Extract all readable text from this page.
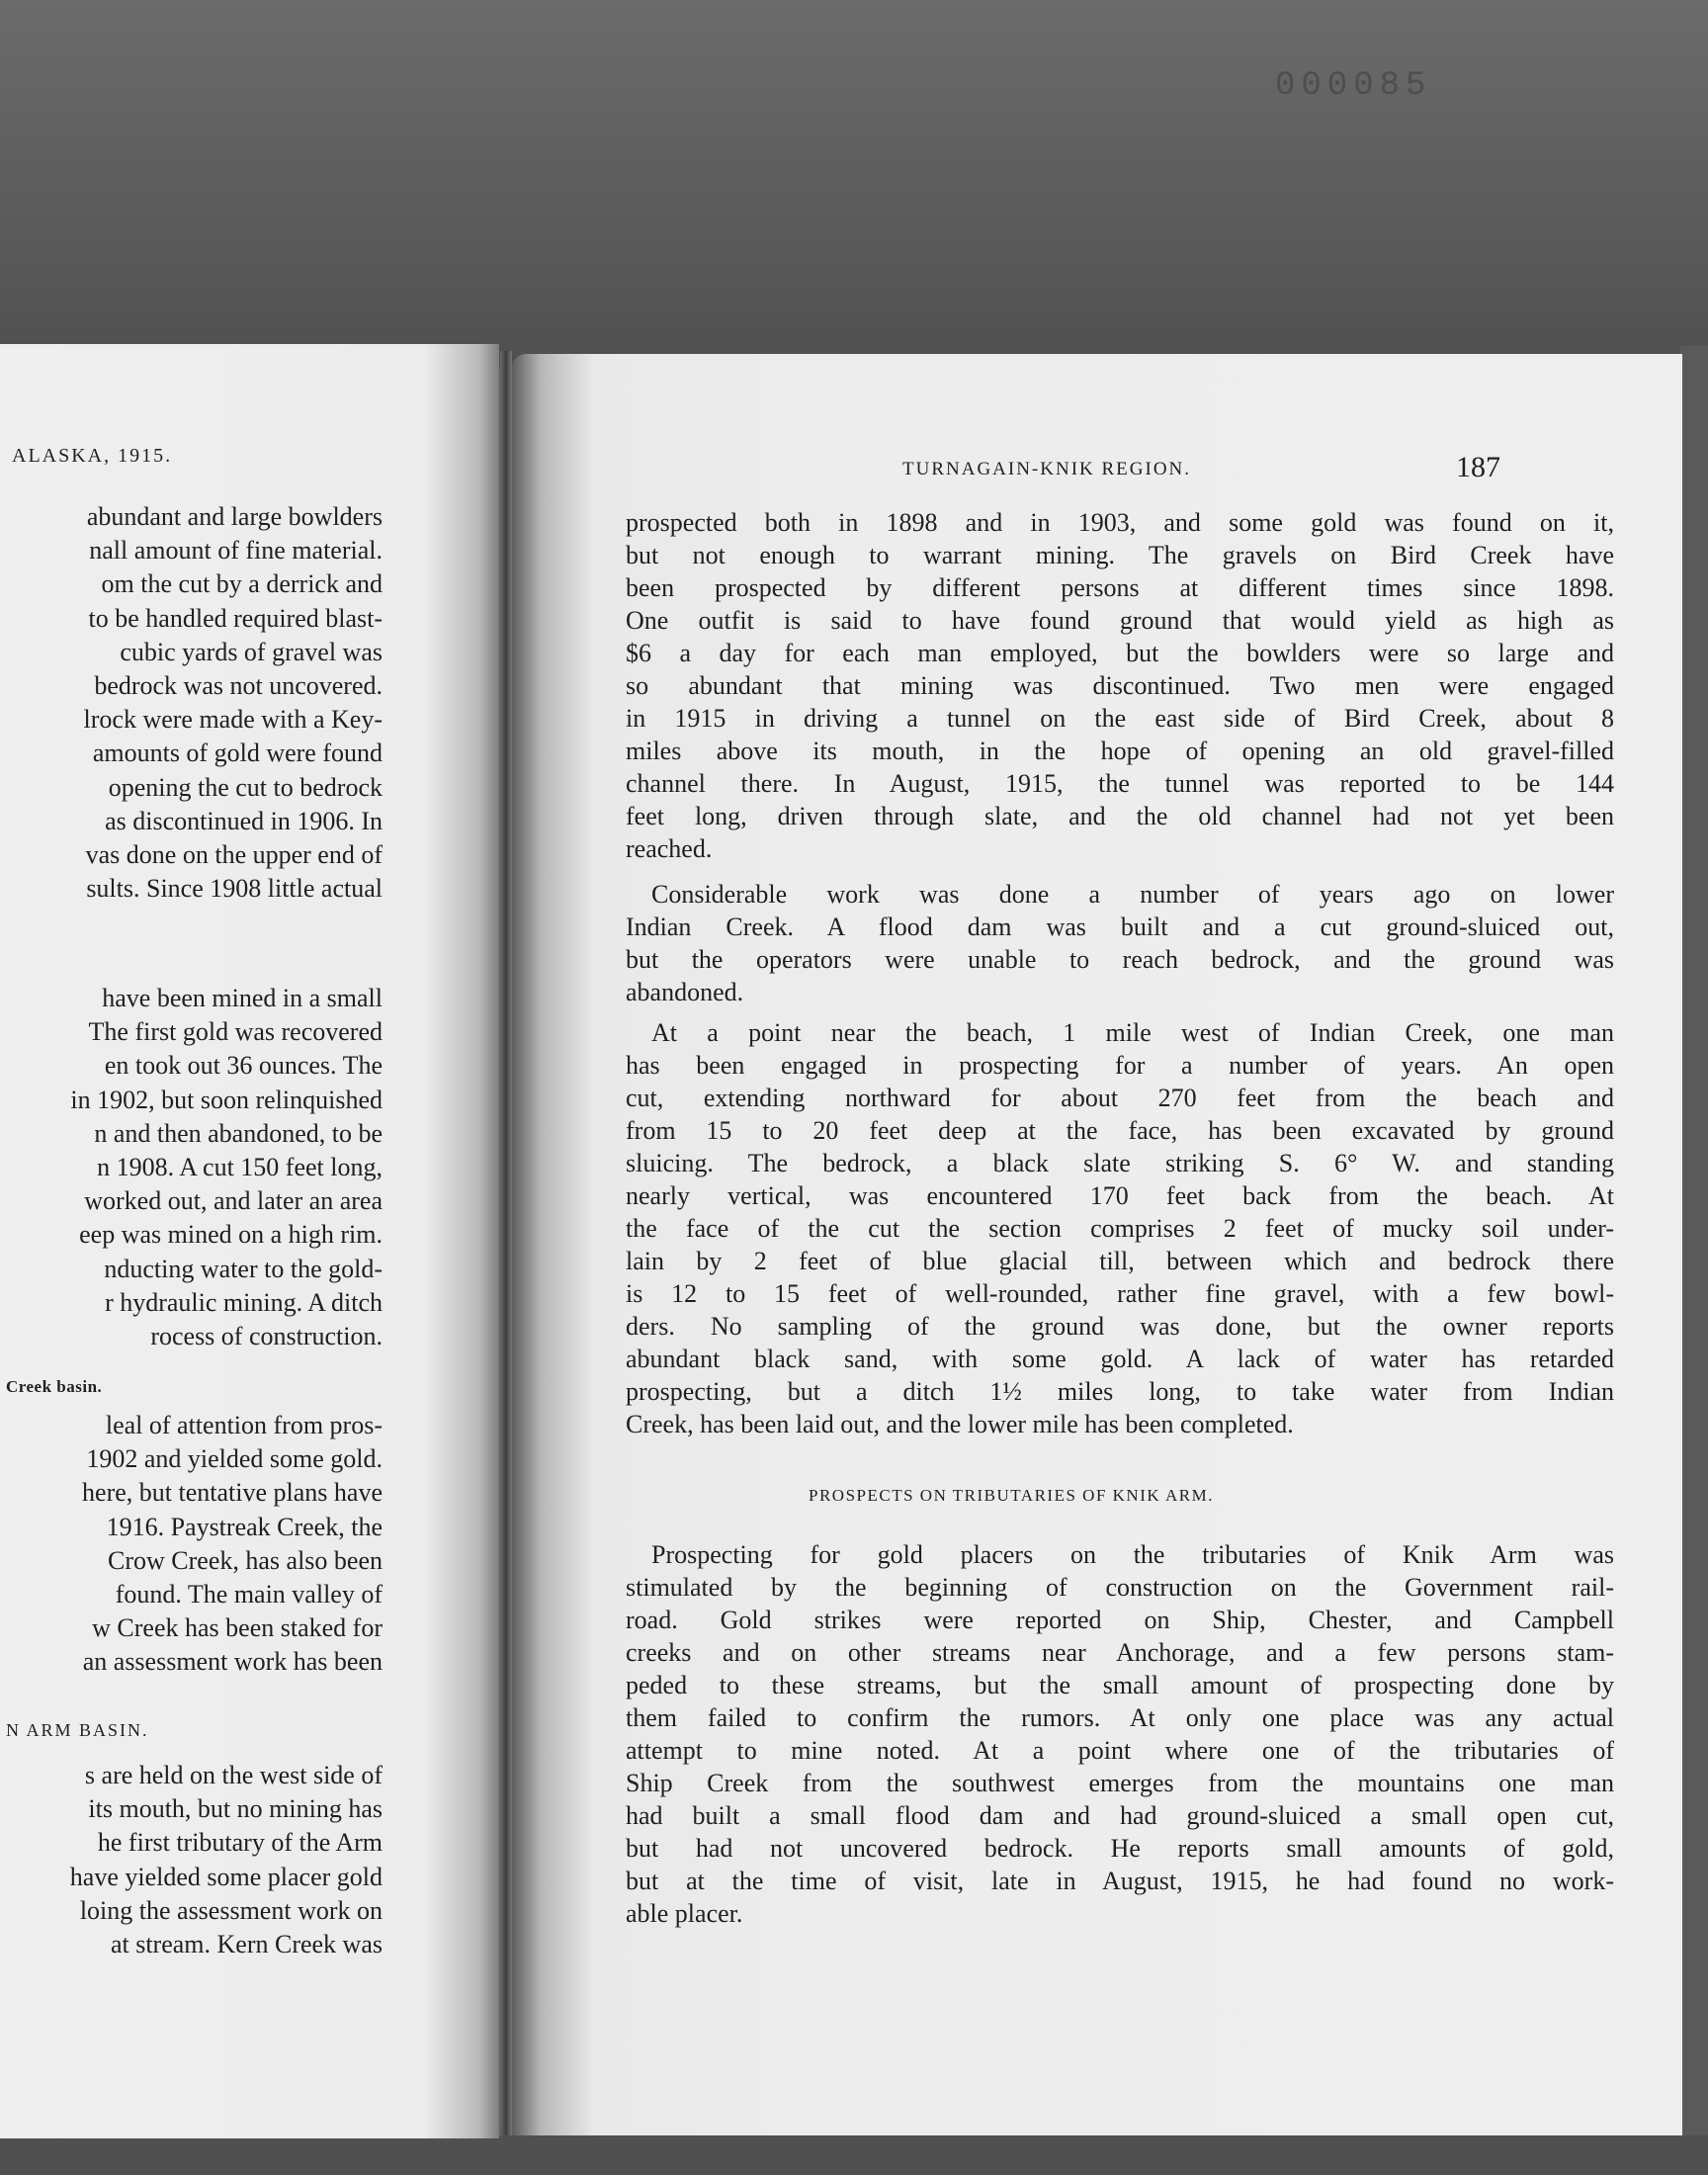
000085
ALASKA, 1915.
abundant and large bowlders
nall amount of fine material.
om the cut by a derrick and
to be handled required blast-
cubic yards of gravel was
bedrock was not uncovered.
lrock were made with a Key-
amounts of gold were found
opening the cut to bedrock
as discontinued in 1906. In
vas done on the upper end of
sults. Since 1908 little actual
have been mined in a small
The first gold was recovered
en took out 36 ounces. The
in 1902, but soon relinquished
n and then abandoned, to be
n 1908. A cut 150 feet long,
worked out, and later an area
eep was mined on a high rim.
nducting water to the gold-
r hydraulic mining. A ditch
rocess of construction.
Creek basin.
leal of attention from pros-
1902 and yielded some gold.
here, but tentative plans have
1916. Paystreak Creek, the
Crow Creek, has also been
found. The main valley of
w Creek has been staked for
an assessment work has been
N ARM BASIN.
s are held on the west side of
its mouth, but no mining has
he first tributary of the Arm
have yielded some placer gold
loing the assessment work on
at stream. Kern Creek was
TURNAGAIN-KNIK REGION.	187
prospected both in 1898 and in 1903, and some gold was found on it,
but not enough to warrant mining. The gravels on Bird Creek have
been prospected by different persons at different times since 1898.
One outfit is said to have found ground that would yield as high as
$6 a day for each man employed, but the bowlders were so large and
so abundant that mining was discontinued. Two men were engaged
in 1915 in driving a tunnel on the east side of Bird Creek, about 8
miles above its mouth, in the hope of opening an old gravel-filled
channel there. In August, 1915, the tunnel was reported to be 144
feet long, driven through slate, and the old channel had not yet been
reached.
Considerable work was done a number of years ago on lower
Indian Creek. A flood dam was built and a cut ground-sluiced out,
but the operators were unable to reach bedrock, and the ground was
abandoned.
At a point near the beach, 1 mile west of Indian Creek, one man
has been engaged in prospecting for a number of years. An open
cut, extending northward for about 270 feet from the beach and
from 15 to 20 feet deep at the face, has been excavated by ground
sluicing. The bedrock, a black slate striking S. 6° W. and standing
nearly vertical, was encountered 170 feet back from the beach. At
the face of the cut the section comprises 2 feet of mucky soil under-
lain by 2 feet of blue glacial till, between which and bedrock there
is 12 to 15 feet of well-rounded, rather fine gravel, with a few bowl-
ders. No sampling of the ground was done, but the owner reports
abundant black sand, with some gold. A lack of water has retarded
prospecting, but a ditch 1½ miles long, to take water from Indian
Creek, has been laid out, and the lower mile has been completed.
PROSPECTS ON TRIBUTARIES OF KNIK ARM.
Prospecting for gold placers on the tributaries of Knik Arm was
stimulated by the beginning of construction on the Government rail-
road. Gold strikes were reported on Ship, Chester, and Campbell
creeks and on other streams near Anchorage, and a few persons stam-
peded to these streams, but the small amount of prospecting done by
them failed to confirm the rumors. At only one place was any actual
attempt to mine noted. At a point where one of the tributaries of
Ship Creek from the southwest emerges from the mountains one man
had built a small flood dam and had ground-sluiced a small open cut,
but had not uncovered bedrock. He reports small amounts of gold,
but at the time of visit, late in August, 1915, he had found no work-
able placer.
